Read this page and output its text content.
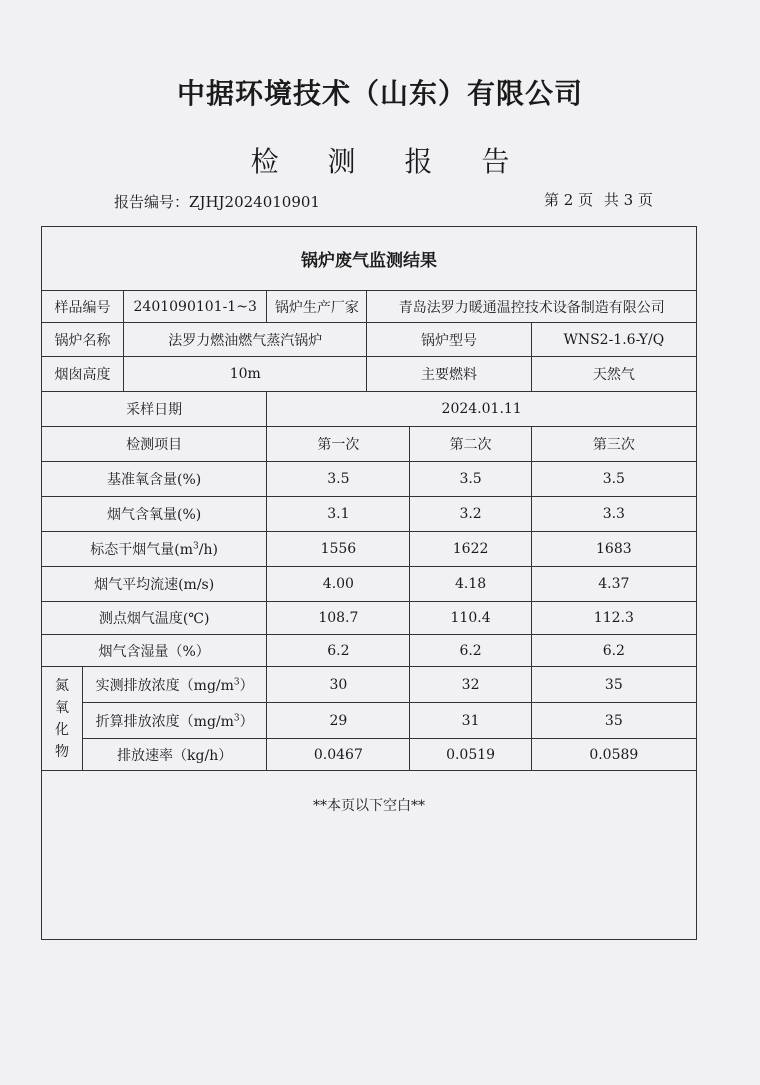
中据环境技术（山东）有限公司
检 测 报 告
报告编号：ZJHJ2024010901	第 2 页 共 3 页
锅炉废气监测结果						
样品编号		2401090101-1~3	锅炉生产厂家	青岛法罗力暖通温控技术设备制造有限公司		
锅炉名称		法罗力燃油燃气蒸汽锅炉		锅炉型号		WNS2-1.6-Y/Q
烟囱高度		10m		主要燃料		天然气
采样日期			2024.01.11			
检测项目			第一次		第二次	第三次
基准氧含量(%)			3.5		3.5	3.5
烟气含氧量(%)			3.1		3.2	3.3
标态干烟气量$(m^3/h)$			1556		1622	1683
烟气平均流速(m/s)			4.00		4.18	4.37
测点烟气温度(℃)			108.7		110.4	112.3
烟气含湿量（%）			6.2		6.2	6.2

氮
氧
化
物	实测排放浓度$(mg/m^3)$		30		32	35
	折算排放浓度$(mg/m^3)$		29		31	35
	排放速率（kg/h）		0.0467		0.0519	0.0589
**本页以下空白**
